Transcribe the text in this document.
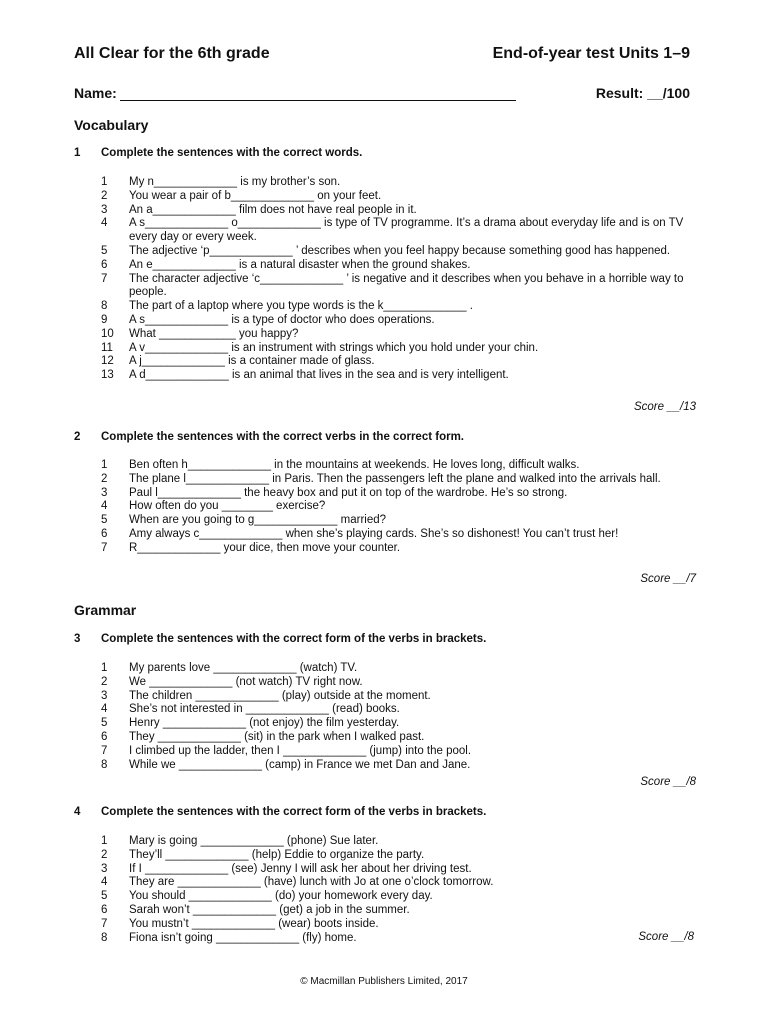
All Clear for the 6th grade	End-of-year test Units 1–9
Name:	Result: __/100
Vocabulary
1 Complete the sentences with the correct words.
1 My n_____________ is my brother’s son.
2 You wear a pair of b_____________ on your feet.
3 An a_____________ film does not have real people in it.
4 A s_____________ o_____________ is type of TV programme. It’s a drama about everyday life and is on TV every day or every week.
5 The adjective ‘p_____________ ’ describes when you feel happy because something good has happened.
6 An e_____________ is a natural disaster when the ground shakes.
7 The character adjective ‘c_____________ ’ is negative and it describes when you behave in a horrible way to people.
8 The part of a laptop where you type words is the k_____________ .
9 A s_____________ is a type of doctor who does operations.
10 What ____________ you happy?
11 A v_____________ is an instrument with strings which you hold under your chin.
12 A j_____________ is a container made of glass.
13 A d_____________ is an animal that lives in the sea and is very intelligent.
Score __/13
2 Complete the sentences with the correct verbs in the correct form.
1 Ben often h_____________ in the mountains at weekends. He loves long, difficult walks.
2 The plane l_____________ in Paris. Then the passengers left the plane and walked into the arrivals hall.
3 Paul l_____________ the heavy box and put it on top of the wardrobe. He’s so strong.
4 How often do you ________ exercise?
5 When are you going to g_____________ married?
6 Amy always c_____________ when she’s playing cards. She’s so dishonest! You can’t trust her!
7 R_____________ your dice, then move your counter.
Score __/7
Grammar
3 Complete the sentences with the correct form of the verbs in brackets.
1 My parents love _____________ (watch) TV.
2 We _____________ (not watch) TV right now.
3 The children _____________ (play) outside at the moment.
4 She’s not interested in _____________ (read) books.
5 Henry _____________ (not enjoy) the film yesterday.
6 They _____________ (sit) in the park when I walked past.
7 I climbed up the ladder, then I _____________ (jump) into the pool.
8 While we _____________ (camp) in France we met Dan and Jane.
Score __/8
4 Complete the sentences with the correct form of the verbs in brackets.
1 Mary is going _____________ (phone) Sue later.
2 They’ll _____________ (help) Eddie to organize the party.
3 If I _____________ (see) Jenny I will ask her about her driving test.
4 They are _____________ (have) lunch with Jo at one o’clock tomorrow.
5 You should _____________ (do) your homework every day.
6 Sarah won’t _____________ (get) a job in the summer.
7 You mustn’t _____________ (wear) boots inside.
8 Fiona isn’t going _____________ (fly) home.	Score __/8
© Macmillan Publishers Limited, 2017
